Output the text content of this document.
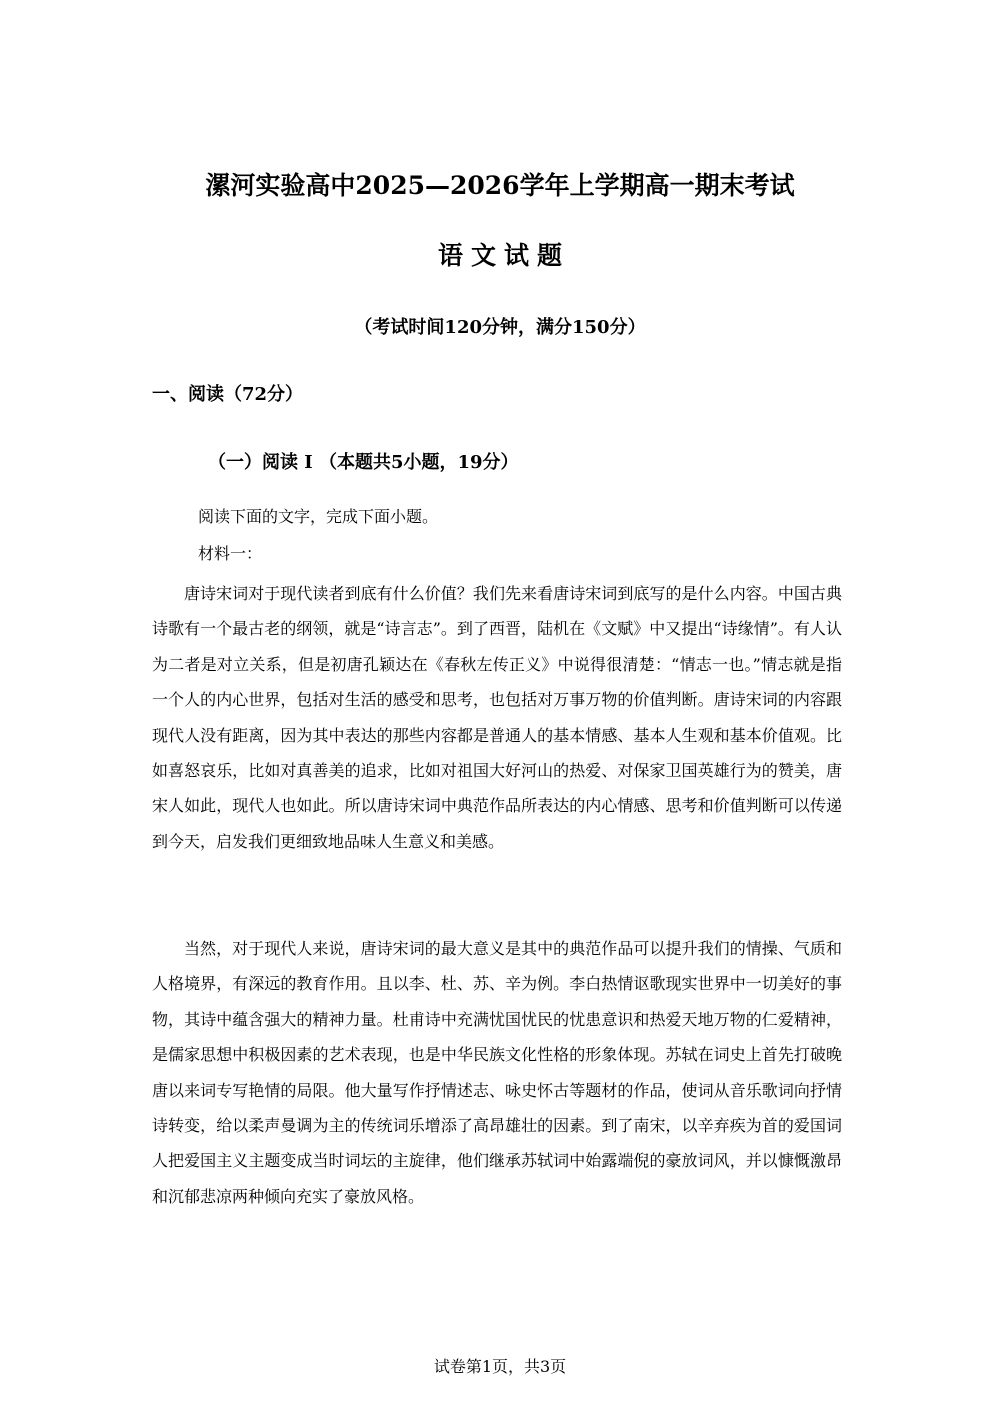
漯河实验高中2025—2026学年上学期高一期末考试
语文试题
（考试时间120分钟，满分150分）
一、阅读（72分）
（一）阅读 I （本题共5小题，19分）
阅读下面的文字，完成下面小题。
材料一：

唐诗宋词对于现代读者到底有什么价值？我们先来看唐诗宋词到底写的是什么内容。中国古典诗歌有一个最古老的纲领，就是“诗言志”。到了西晋，陆机在《文赋》中又提出“诗缘情”。有人认为二者是对立关系，但是初唐孔颖达在《春秋左传正义》中说得很清楚：“情志一也。”情志就是指一个人的内心世界，包括对生活的感受和思考，也包括对万事万物的价值判断。唐诗宋词的内容跟现代人没有距离，因为其中表达的那些内容都是普通人的基本情感、基本人生观和基本价值观。比如喜怒哀乐，比如对真善美的追求，比如对祖国大好河山的热爱、对保家卫国英雄行为的赞美，唐宋人如此，现代人也如此。所以唐诗宋词中典范作品所表达的内心情感、思考和价值判断可以传递到今天，启发我们更细致地品味人生意义和美感。

当然，对于现代人来说，唐诗宋词的最大意义是其中的典范作品可以提升我们的情操、气质和人格境界，有深远的教育作用。且以李、杜、苏、辛为例。李白热情讴歌现实世界中一切美好的事物，其诗中蕴含强大的精神力量。杜甫诗中充满忧国忧民的忧患意识和热爱天地万物的仁爱精神，是儒家思想中积极因素的艺术表现，也是中华民族文化性格的形象体现。苏轼在词史上首先打破晚唐以来词专写艳情的局限。他大量写作抒情述志、咏史怀古等题材的作品，使词从音乐歌词向抒情诗转变，给以柔声曼调为主的传统词乐增添了高昂雄壮的因素。到了南宋，以辛弃疾为首的爱国词人把爱国主义主题变成当时词坛的主旋律，他们继承苏轼词中始露端倪的豪放词风，并以慷慨激昂和沉郁悲凉两种倾向充实了豪放风格。

试卷第1页，共3页
